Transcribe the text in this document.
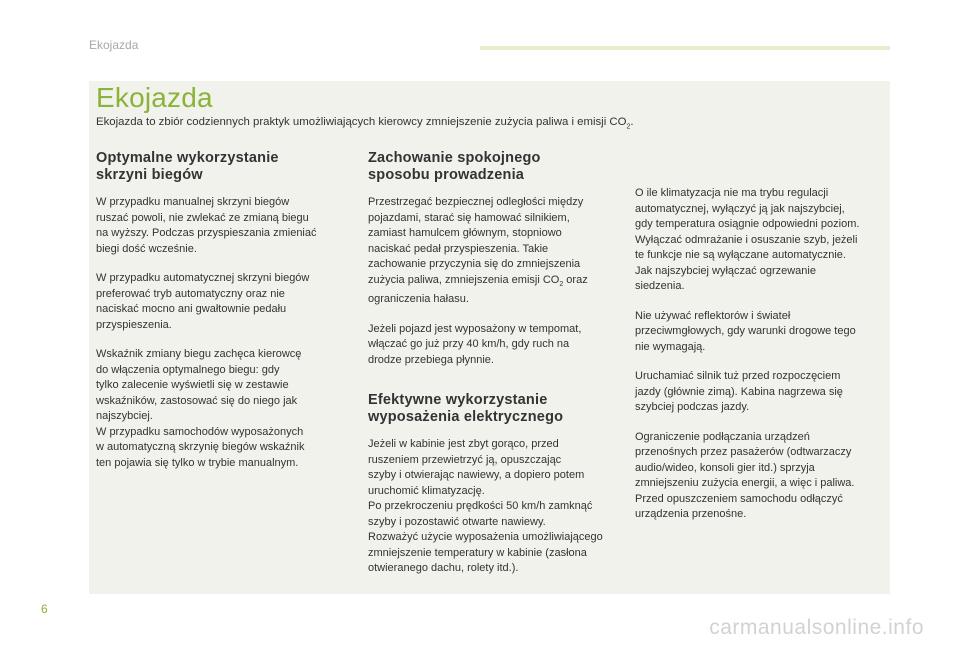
Ekojazda
Ekojazda

Ekojazda to zbiór codziennych praktyk umożliwiających kierowcy zmniejszenie zużycia paliwa i emisji $CO_2$.

Optymalne wykorzystanie
skrzyni biegów

W przypadku manualnej skrzyni biegów
ruszać powoli, nie zwlekać ze zmianą biegu
na wyższy. Podczas przyspieszania zmieniać
biegi dość wcześnie.

W przypadku automatycznej skrzyni biegów
preferować tryb automatyczny oraz nie
naciskać mocno ani gwałtownie pedału
przyspieszenia.

Wskaźnik zmiany biegu zachęca kierowcę
do włączenia optymalnego biegu: gdy
tylko zalecenie wyświetli się w zestawie
wskaźników, zastosować się do niego jak
najszybciej.
W przypadku samochodów wyposażonych
w automatyczną skrzynię biegów wskaźnik
ten pojawia się tylko w trybie manualnym.

Zachowanie spokojnego
sposobu prowadzenia

Przestrzegać bezpiecznej odległości między
pojazdami, starać się hamować silnikiem,
zamiast hamulcem głównym, stopniowo
naciskać pedał przyspieszenia. Takie
zachowanie przyczynia się do zmniejszenia
zużycia paliwa, zmniejszenia emisji $CO_2$ oraz
ograniczenia hałasu.

Jeżeli pojazd jest wyposażony w tempomat,
włączać go już przy 40 km/h, gdy ruch na
drodze przebiega płynnie.

Efektywne wykorzystanie
wyposażenia elektrycznego

Jeżeli w kabinie jest zbyt gorąco, przed
ruszeniem przewietrzyć ją, opuszczając
szyby i otwierając nawiewy, a dopiero potem
uruchomić klimatyzację.
Po przekroczeniu prędkości 50 km/h zamknąć
szyby i pozostawić otwarte nawiewy.
Rozważyć użycie wyposażenia umożliwiającego
zmniejszenie temperatury w kabinie (zasłona
otwieranego dachu, rolety itd.).

O ile klimatyzacja nie ma trybu regulacji
automatycznej, wyłączyć ją jak najszybciej,
gdy temperatura osiągnie odpowiedni poziom.
Wyłączać odmrażanie i osuszanie szyb, jeżeli
te funkcje nie są wyłączane automatycznie.
Jak najszybciej wyłączać ogrzewanie
siedzenia.

Nie używać reflektorów i świateł
przeciwmgłowych, gdy warunki drogowe tego
nie wymagają.

Uruchamiać silnik tuż przed rozpoczęciem
jazdy (głównie zimą). Kabina nagrzewa się
szybciej podczas jazdy.

Ograniczenie podłączania urządzeń
przenośnych przez pasażerów (odtwarzaczy
audio/wideo, konsoli gier itd.) sprzyja
zmniejszeniu zużycia energii, a więc i paliwa.
Przed opuszczeniem samochodu odłączyć
urządzenia przenośne.

6
carmanualsonline.info
